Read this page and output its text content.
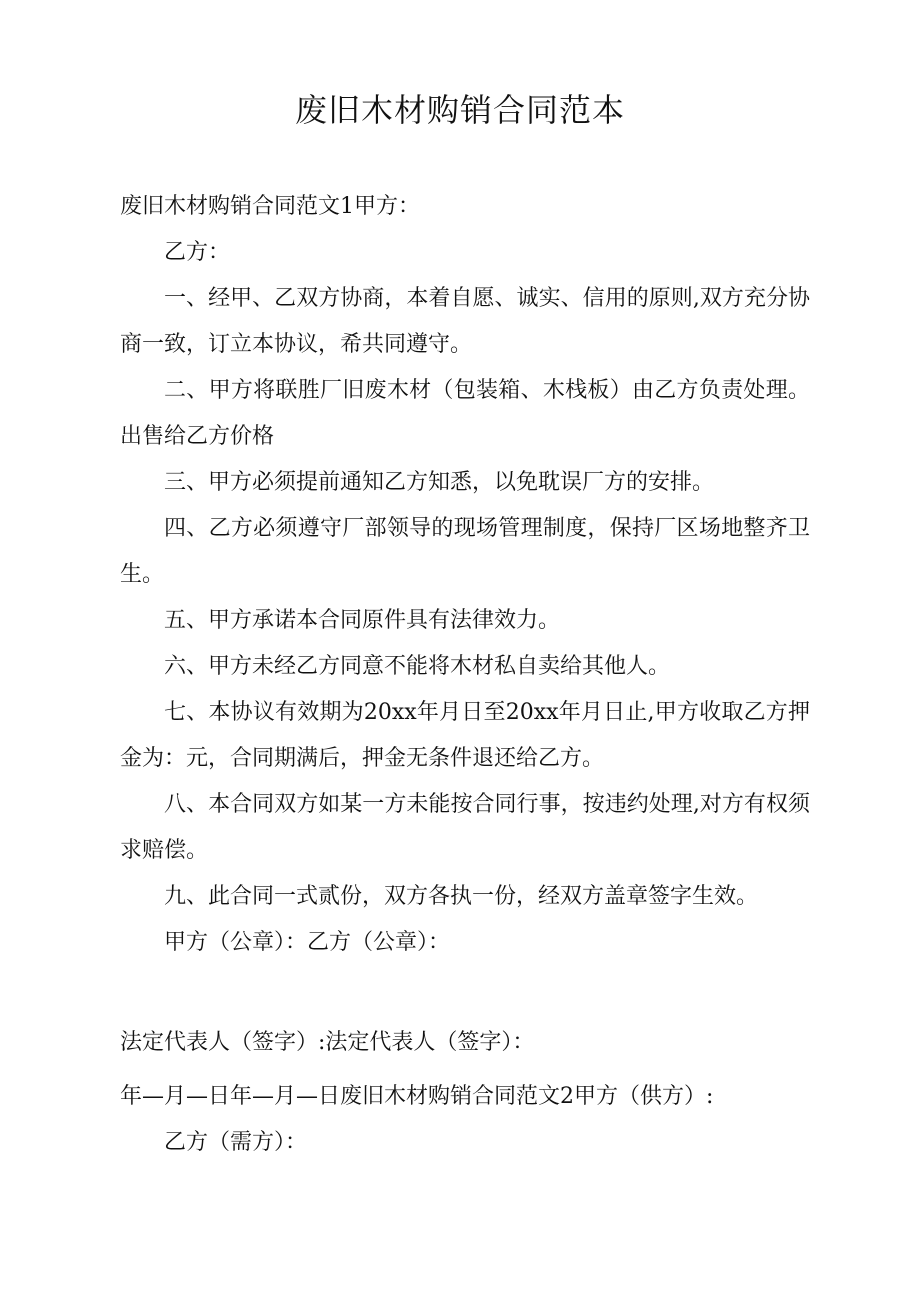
废旧木材购销合同范本

废旧木材购销合同范文1甲方：

乙方：

一、经甲、乙双方协商，本着自愿、诚实、信用的原则,双方充分协商一致，订立本协议，希共同遵守。

二、甲方将联胜厂旧废木材（包装箱、木栈板）由乙方负责处理。出售给乙方价格

三、甲方必须提前通知乙方知悉，以免耽误厂方的安排。

四、乙方必须遵守厂部领导的现场管理制度，保持厂区场地整齐卫生。

五、甲方承诺本合同原件具有法律效力。

六、甲方未经乙方同意不能将木材私自卖给其他人。

七、本协议有效期为20xx年月日至20xx年月日止,甲方收取乙方押金为：元，合同期满后，押金无条件退还给乙方。

八、本合同双方如某一方未能按合同行事，按违约处理,对方有权须求赔偿。

九、此合同一式贰份，双方各执一份，经双方盖章签字生效。

甲方（公章）：乙方（公章）：

法定代表人（签字）:法定代表人（签字）：

年—月—日年—月—日废旧木材购销合同范文2甲方（供方）:

乙方（需方）：
